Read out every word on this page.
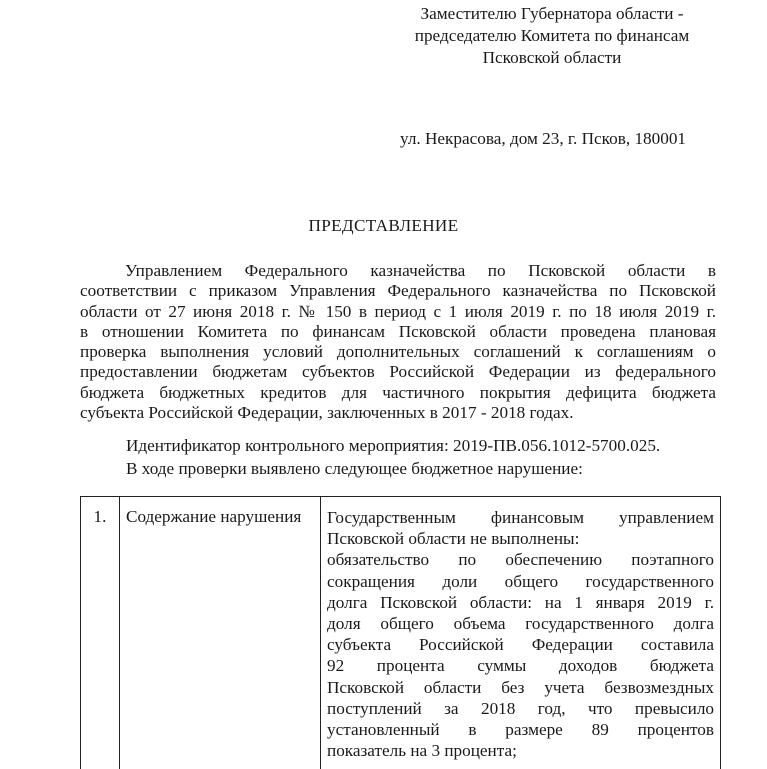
Заместителю Губернатора области -
председателю Комитета по финансам
Псковской области
ул. Некрасова, дом 23, г. Псков, 180001
ПРЕДСТАВЛЕНИЕ
Управлением Федерального казначейства по Псковской области в
соответствии с приказом Управления Федерального казначейства по Псковской
области от 27 июня 2018 г. № 150 в период с 1 июля 2019 г. по 18 июля 2019 г.
в отношении Комитета по финансам Псковской области проведена плановая
проверка выполнения условий дополнительных соглашений к соглашениям о
предоставлении бюджетам субъектов Российской Федерации из федерального
бюджета бюджетных кредитов для частичного покрытия дефицита бюджета
субъекта Российской Федерации, заключенных в 2017 - 2018 годах.
Идентификатор контрольного мероприятия: 2019-ПВ.056.1012-5700.025.
В ходе проверки выявлено следующее бюджетное нарушение:
1.	Содержание нарушения	Государственным финансовым управлением
Псковской области не выполнены:
обязательство по обеспечению поэтапного
сокращения доли общего государственного
долга Псковской области: на 1 января 2019 г.
доля общего объема государственного долга
субъекта Российской Федерации составила
92 процента суммы доходов бюджета
Псковской области без учета безвозмездных
поступлений за 2018 год, что превысило
установленный в размере 89 процентов
показатель на 3 процента;
